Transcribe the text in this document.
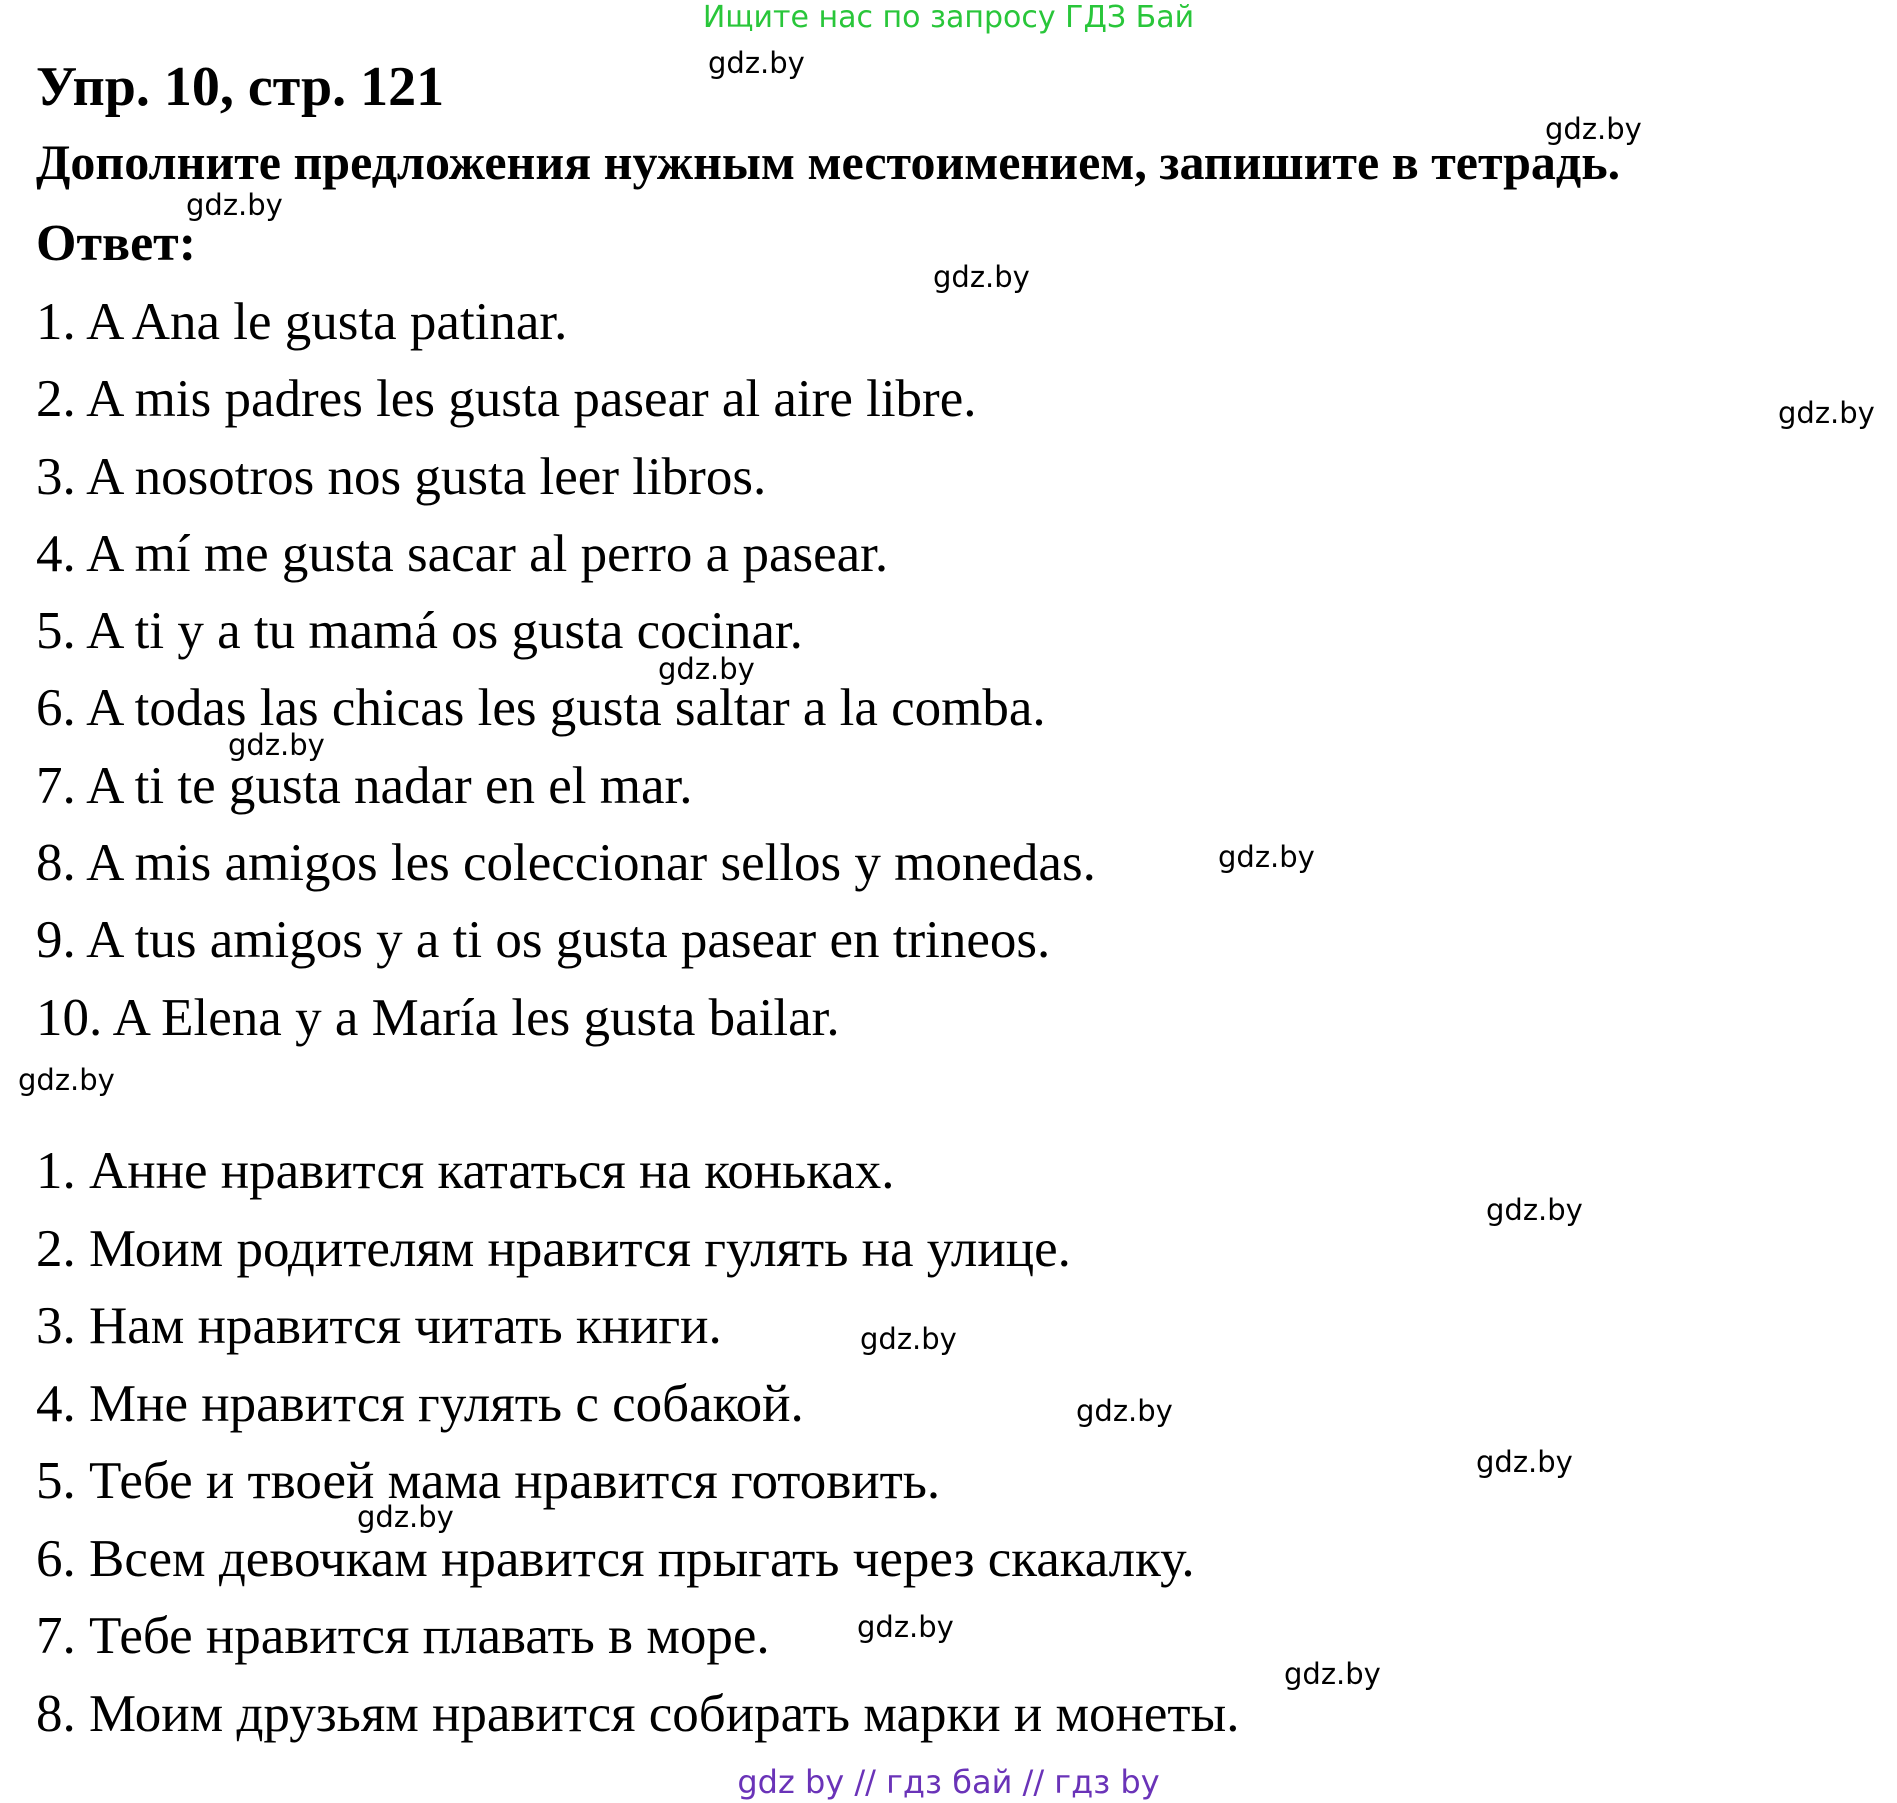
Ищите нас по запросу ГДЗ Бай
Упр. 10, стр. 121
Дополните предложения нужным местоимением, запишите в тетрадь.
Ответ:
1. A Ana le gusta patinar.
2. A mis padres les gusta pasear al aire libre.
3. A nosotros nos gusta leer libros.
4. A mí me gusta sacar al perro a pasear.
5. A ti y a tu mamá os gusta cocinar.
6. A todas las chicas les gusta saltar a la comba.
7. A ti te gusta nadar en el mar.
8. A mis amigos les coleccionar sellos y monedas.
9. A tus amigos y a ti os gusta pasear en trineos.
10. A Elena y a María les gusta bailar.
1. Анне нравится кататься на коньках.
2. Моим родителям нравится гулять на улице.
3. Нам нравится читать книги.
4. Мне нравится гулять с собакой.
5. Тебе и твоей мама нравится готовить.
6. Всем девочкам нравится прыгать через скакалку.
7. Тебе нравится плавать в море.
8. Моим друзьям нравится собирать марки и монеты.
gdz.by
gdz.by
gdz.by
gdz.by
gdz.by
gdz.by
gdz.by
gdz.by
gdz.by
gdz.by
gdz.by
gdz.by
gdz.by
gdz.by
gdz.by
gdz.by
gdz by // гдз бай // гдз by
